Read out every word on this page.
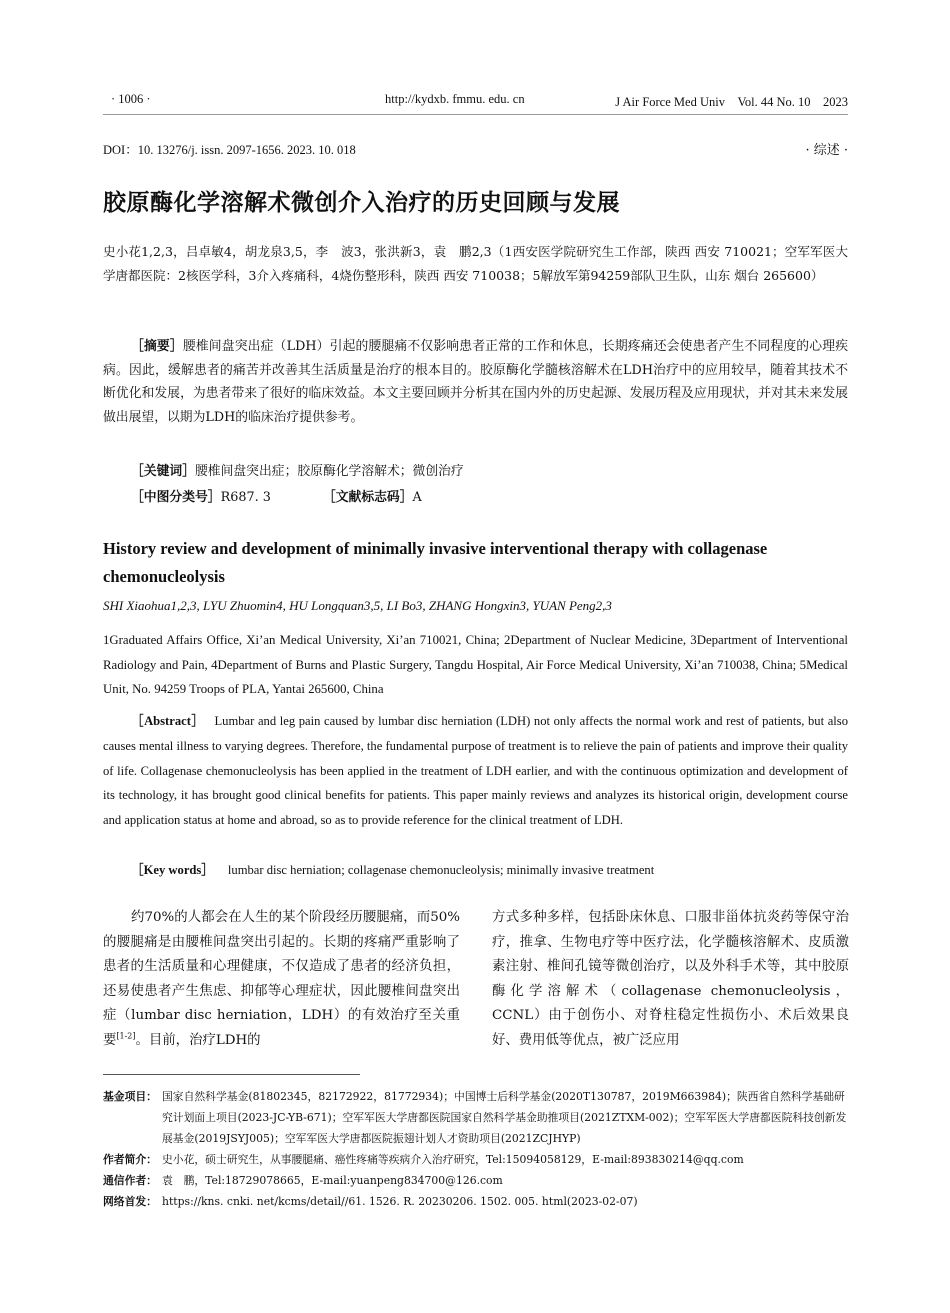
· 1006 ·	http://kydxb. fmmu. edu. cn	J Air Force Med Univ　Vol. 44 No. 10　2023
DOI：10. 13276/j. issn. 2097-1656. 2023. 10. 018	· 综述 ·
胶原酶化学溶解术微创介入治疗的历史回顾与发展
史小花1,2,3，吕卓敏4，胡龙泉3,5，李　波3，张洪新3，袁　鹏2,3（1西安医学院研究生工作部，陕西 西安 710021；空军军医大学唐都医院：2核医学科，3介入疼痛科，4烧伤整形科，陕西 西安 710038；5解放军第94259部队卫生队，山东 烟台 265600）
［摘要］腰椎间盘突出症（LDH）引起的腰腿痛不仅影响患者正常的工作和休息，长期疼痛还会使患者产生不同程度的心理疾病。因此，缓解患者的痛苦并改善其生活质量是治疗的根本目的。胶原酶化学髓核溶解术在LDH治疗中的应用较早，随着其技术不断优化和发展，为患者带来了很好的临床效益。本文主要回顾并分析其在国内外的历史起源、发展历程及应用现状，并对其未来发展做出展望，以期为LDH的临床治疗提供参考。
［关键词］腰椎间盘突出症；胶原酶化学溶解术；微创治疗
［中图分类号］R687. 3	［文献标志码］A
History review and development of minimally invasive interventional therapy with collagenase chemonucleolysis
SHI Xiaohua1,2,3, LYU Zhuomin4, HU Longquan3,5, LI Bo3, ZHANG Hongxin3, YUAN Peng2,3
1Graduated Affairs Office, Xi’an Medical University, Xi’an 710021, China; 2Department of Nuclear Medicine, 3Department of Interventional Radiology and Pain, 4Department of Burns and Plastic Surgery, Tangdu Hospital, Air Force Medical University, Xi’an 710038, China; 5Medical Unit, No. 94259 Troops of PLA, Yantai 265600, China
［Abstract］ Lumbar and leg pain caused by lumbar disc herniation (LDH) not only affects the normal work and rest of patients, but also causes mental illness to varying degrees. Therefore, the fundamental purpose of treatment is to relieve the pain of patients and improve their quality of life. Collagenase chemonucleolysis has been applied in the treatment of LDH earlier, and with the continuous optimization and development of its technology, it has brought good clinical benefits for patients. This paper mainly reviews and analyzes its historical origin, development course and application status at home and abroad, so as to provide reference for the clinical treatment of LDH.
［Key words］ lumbar disc herniation; collagenase chemonucleolysis; minimally invasive treatment
约70%的人都会在人生的某个阶段经历腰腿痛，而50%的腰腿痛是由腰椎间盘突出引起的。长期的疼痛严重影响了患者的生活质量和心理健康，不仅造成了患者的经济负担，还易使患者产生焦虑、抑郁等心理症状，因此腰椎间盘突出症（lumbar disc herniation，LDH）的有效治疗至关重要[1-2]。目前，治疗LDH的
方式多种多样，包括卧床休息、口服非甾体抗炎药等保守治疗，推拿、生物电疗等中医疗法，化学髓核溶解术、皮质激素注射、椎间孔镜等微创治疗，以及外科手术等，其中胶原酶化学溶解术（collagenase chemonucleolysis，CCNL）由于创伤小、对脊柱稳定性损伤小、术后效果良好、费用低等优点，被广泛应用
基金项目： 国家自然科学基金(81802345，82172922，81772934)；中国博士后科学基金(2020T130787，2019M663984)；陕西省自然科学基础研究计划面上项目(2023-JC-YB-671)；空军军医大学唐都医院国家自然科学基金助推项目(2021ZTXM-002)；空军军医大学唐都医院科技创新发展基金(2019JSYJ005)；空军军医大学唐都医院振翅计划人才资助项目(2021ZCJHYP)
作者简介： 史小花，硕士研究生，从事腰腿痛、癌性疼痛等疾病介入治疗研究，Tel:15094058129，E-mail:893830214@qq.com
通信作者： 袁　鹏，Tel:18729078665，E-mail:yuanpeng834700@126.com
网络首发： https://kns. cnki. net/kcms/detail//61. 1526. R. 20230206. 1502. 005. html(2023-02-07)
